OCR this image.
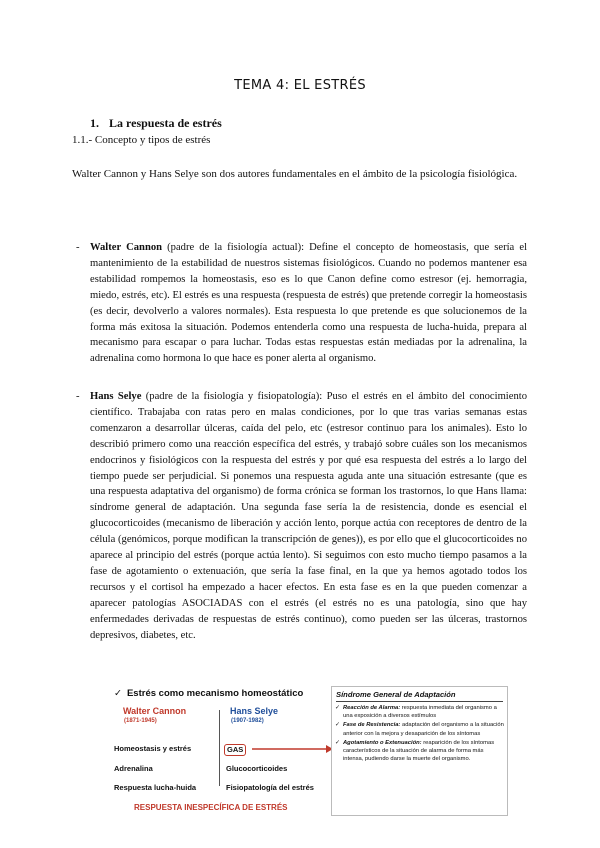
TEMA 4: EL ESTRÉS
1. La respuesta de estrés
1.1.- Concepto y tipos de estrés
Walter Cannon y Hans Selye son dos autores fundamentales en el ámbito de la psicología fisiológica.
- Walter Cannon (padre de la fisiología actual): Define el concepto de homeostasis, que sería el mantenimiento de la estabilidad de nuestros sistemas fisiológicos. Cuando no podemos mantener esa estabilidad rompemos la homeostasis, eso es lo que Canon define como estresor (ej. hemorragia, miedo, estrés, etc). El estrés es una respuesta (respuesta de estrés) que pretende corregir la homeostasis (es decir, devolverlo a valores normales). Esta respuesta lo que pretende es que solucionemos de la forma más exitosa la situación. Podemos entenderla como una respuesta de lucha-huida, prepara al mecanismo para escapar o para luchar. Todas estas respuestas están mediadas por la adrenalina, la adrenalina como hormona lo que hace es poner alerta al organismo.
- Hans Selye (padre de la fisiología y fisiopatología): Puso el estrés en el ámbito del conocimiento científico. Trabajaba con ratas pero en malas condiciones, por lo que tras varias semanas estas comenzaron a desarrollar úlceras, caída del pelo, etc (estresor continuo para los animales). Esto lo describió primero como una reacción específica del estrés, y trabajó sobre cuáles son los mecanismos endocrinos y fisiológicos con la respuesta del estrés y por qué esa respuesta del estrés a lo largo del tiempo puede ser perjudicial. Si ponemos una respuesta aguda ante una situación estresante (que es una respuesta adaptativa del organismo) de forma crónica se forman los trastornos, lo que Hans llama: síndrome general de adaptación. Una segunda fase sería la de resistencia, donde es esencial el glucocorticoides (mecanismo de liberación y acción lento, porque actúa con receptores de dentro de la célula (genómicos, porque modifican la transcripción de genes)), es por ello que el glucocorticoides no aparece al principio del estrés (porque actúa lento). Si seguimos con esto mucho tiempo pasamos a la fase de agotamiento o extenuación, que sería la fase final, en la que ya hemos agotado todos los recursos y el cortisol ha empezado a hacer efectos. En esta fase es en la que pueden comenzar a aparecer patologías ASOCIADAS con el estrés (el estrés no es una patología, sino que hay enfermedades derivadas de respuestas de estrés continuo), como pueden ser las úlceras, trastornos depresivos, diabetes, etc.
✓ Estrés como mecanismo homeostático
Walter Cannon
(1871-1945)
Hans Selye
(1907-1982)
Homeostasis y estrés
Adrenalina
Respuesta lucha-huida
GAS
Glucocorticoides
Fisiopatología del estrés
RESPUESTA INESPECÍFICA DE ESTRÉS
Síndrome General de Adaptación
✓ Reacción de Alarma: respuesta inmediata del organismo a una exposición a diversos estímulos
✓ Fase de Resistencia: adaptación del organismo a la situación anterior con la mejora y desaparición de los síntomas
✓ Agotamiento o Extenuación: reaparición de los síntomas característicos de la situación de alarma de forma más intensa, pudiendo darse la muerte del organismo.
